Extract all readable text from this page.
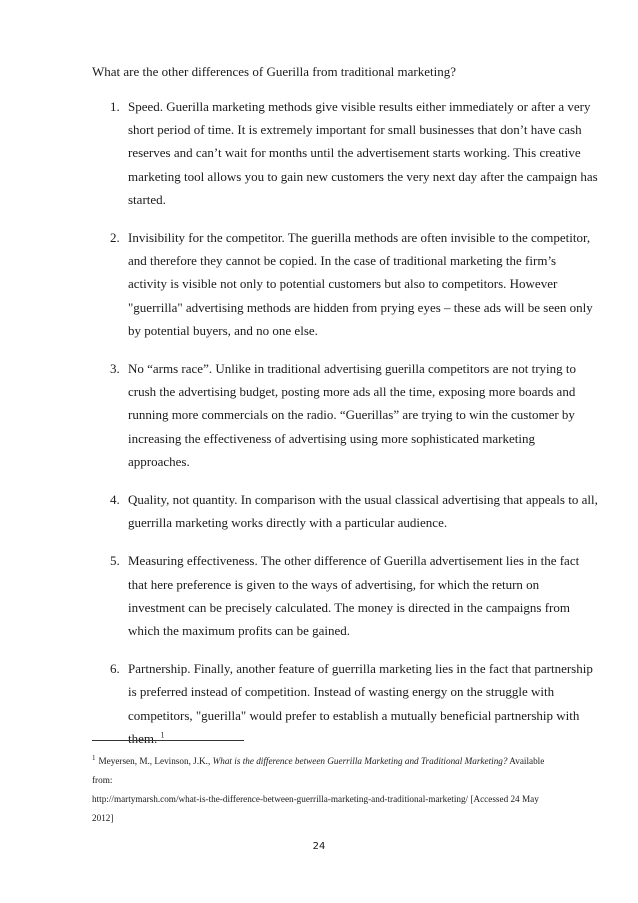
What are the other differences of Guerilla from traditional marketing?

1. Speed. Guerilla marketing methods give visible results either immediately or after a very short period of time. It is extremely important for small businesses that don’t have cash reserves and can’t wait for months until the advertisement starts working. This creative marketing tool allows you to gain new customers the very next day after the campaign has started.
2. Invisibility for the competitor. The guerilla methods are often invisible to the competitor, and therefore they cannot be copied. In the case of traditional marketing the firm’s activity is visible not only to potential customers but also to competitors. However "guerrilla" advertising methods are hidden from prying eyes – these ads will be seen only by potential buyers, and no one else.
3. No “arms race”. Unlike in traditional advertising guerilla competitors are not trying to crush the advertising budget, posting more ads all the time, exposing more boards and running more commercials on the radio. “Guerillas” are trying to win the customer by increasing the effectiveness of advertising using more sophisticated marketing approaches.
4. Quality, not quantity. In comparison with the usual classical advertising that appeals to all, guerrilla marketing works directly with a particular audience.
5. Measuring effectiveness. The other difference of Guerilla advertisement lies in the fact that here preference is given to the ways of advertising, for which the return on investment can be precisely calculated. The money is directed in the campaigns from which the maximum profits can be gained.
6. Partnership. Finally, another feature of guerrilla marketing lies in the fact that partnership is preferred instead of competition. Instead of wasting energy on the struggle with competitors, "guerilla" would prefer to establish a mutually beneficial partnership with them. $^1$

$^1$ Meyersen, M., Levinson, J.K., What is the difference between Guerrilla Marketing and Traditional Marketing? Available from:
http://martymarsh.com/what-is-the-difference-between-guerrilla-marketing-and-traditional-marketing/ [Accessed 24 May 2012]

24
